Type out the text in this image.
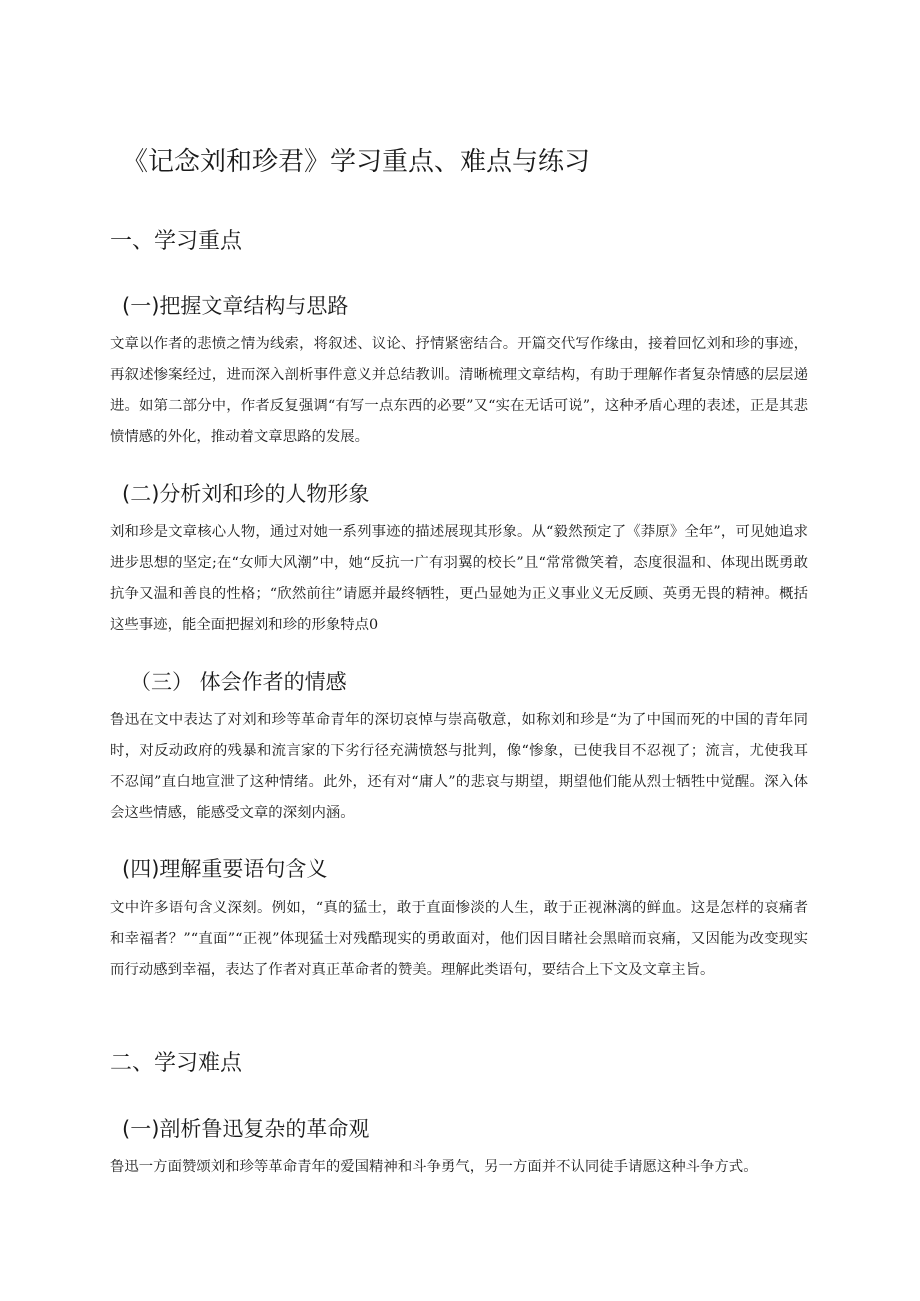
《记念刘和珍君》学习重点、难点与练习
一、学习重点
(一)把握文章结构与思路

文章以作者的悲愤之情为线索，将叙述、议论、抒情紧密结合。开篇交代写作缘由，接着回忆刘和珍的事迹，再叙述惨案经过，进而深入剖析事件意义并总结教训。清晰梳理文章结构，有助于理解作者复杂情感的层层递进。如第二部分中，作者反复强调“有写一点东西的必要”又“实在无话可说”，这种矛盾心理的表述，正是其悲愤情感的外化，推动着文章思路的发展。

(二)分析刘和珍的人物形象

刘和珍是文章核心人物，通过对她一系列事迹的描述展现其形象。从“毅然预定了《莽原》全年”，可见她追求进步思想的坚定;在“女师大风潮”中，她“反抗一广有羽翼的校长”且“常常微笑着，态度很温和、体现出既勇敢抗争又温和善良的性格；“欣然前往”请愿并最终牺牲，更凸显她为正义事业义无反顾、英勇无畏的精神。概括这些事迹，能全面把握刘和珍的形象特点0

（三） 体会作者的情感

鲁迅在文中表达了对刘和珍等革命青年的深切哀悼与崇高敬意，如称刘和珍是“为了中国而死的中国的青年同时，对反动政府的残暴和流言家的下劣行径充满愤怒与批判，像“惨象，已使我目不忍视了；流言，尤使我耳不忍闻”直白地宣泄了这种情绪。此外，还有对“庸人”的悲哀与期望，期望他们能从烈士牺牲中觉醒。深入体会这些情感，能感受文章的深刻内涵。

(四)理解重要语句含义

文中许多语句含义深刻。例如，“真的猛士，敢于直面惨淡的人生，敢于正视淋漓的鲜血。这是怎样的哀痛者和幸福者？”“直面”“正视”体现猛士对残酷现实的勇敢面对，他们因目睹社会黑暗而哀痛，又因能为改变现实而行动感到幸福，表达了作者对真正革命者的赞美。理解此类语句，要结合上下文及文章主旨。

二、学习难点
(一)剖析鲁迅复杂的革命观

鲁迅一方面赞颂刘和珍等革命青年的爱国精神和斗争勇气，另一方面并不认同徒手请愿这种斗争方式。
